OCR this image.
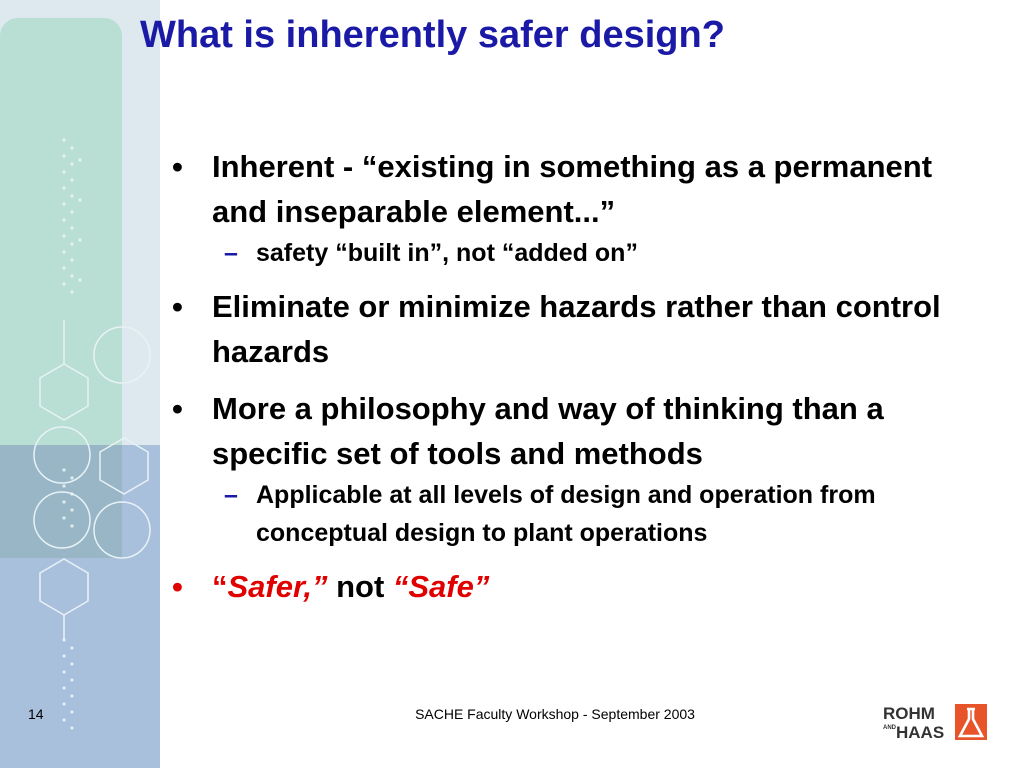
What is inherently safer design?
• Inherent - “existing in something as a permanent and inseparable element...”
– safety “built in”, not “added on”
• Eliminate or minimize hazards rather than control hazards
• More a philosophy and way of thinking than a specific set of tools and methods
– Applicable at all levels of design and operation from conceptual design to plant operations
• “Safer,” not “Safe”
14	SACHE Faculty Workshop - September 2003	ROHM
AND HAAS
